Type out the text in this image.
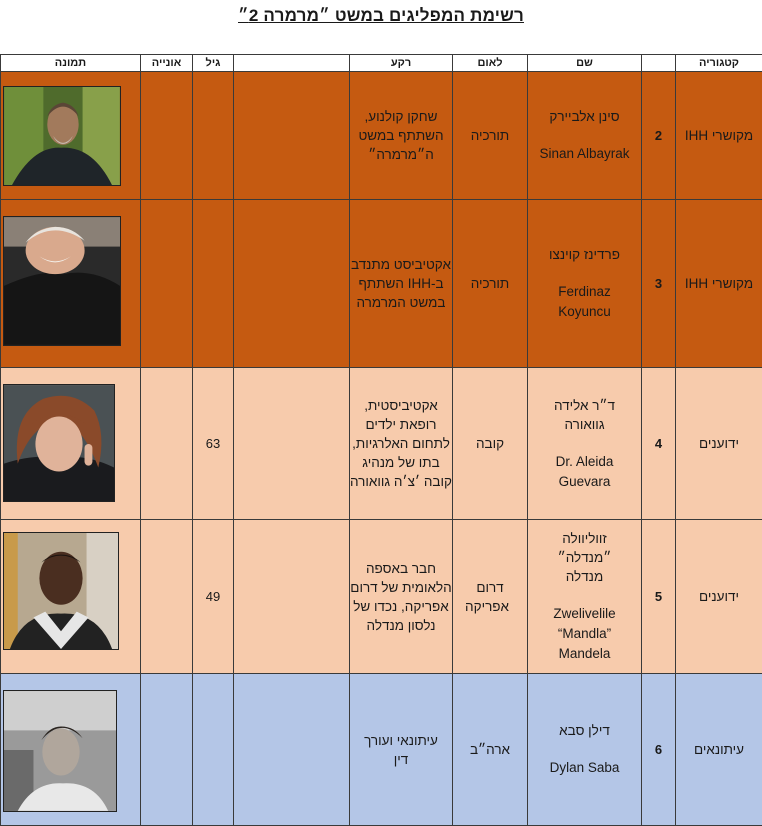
רשימת המפליגים במשט ״מרמרה 2״
תמונה	אונייה	גיל		רקע	לאום	שם		קטגוריה

				שחקן קולנוע, השתתף במשט ה״מרמרה״	תורכיה	סינן אלביירק
Sinan Albayrak	2	מקושרי IHH

				אקטיביסט מתנדב ב-IHH השתתף במשט המרמרה	תורכיה	פרדינז קוינצו
Ferdinaz Koyuncu	3	מקושרי IHH

		63		אקטיביסטית, רופאת ילדים לתחום האלרגיות, בתו של מנהיג קובה ׳צ׳ה גוואורה	קובה	ד״ר אלידה גוואורה
Dr. Aleida Guevara	4	ידוענים

		49		חבר באספה הלאומית של דרום אפריקה, נכדו של נלסון מנדלה	דרום אפריקה	זווליוולה ״מנדלה״ מנדלה
Zwelivelile “Mandla” Mandela	5	ידוענים

				עיתונאי ועורך דין	ארה״ב	דילן סבא
Dylan Saba	6	עיתונאים
